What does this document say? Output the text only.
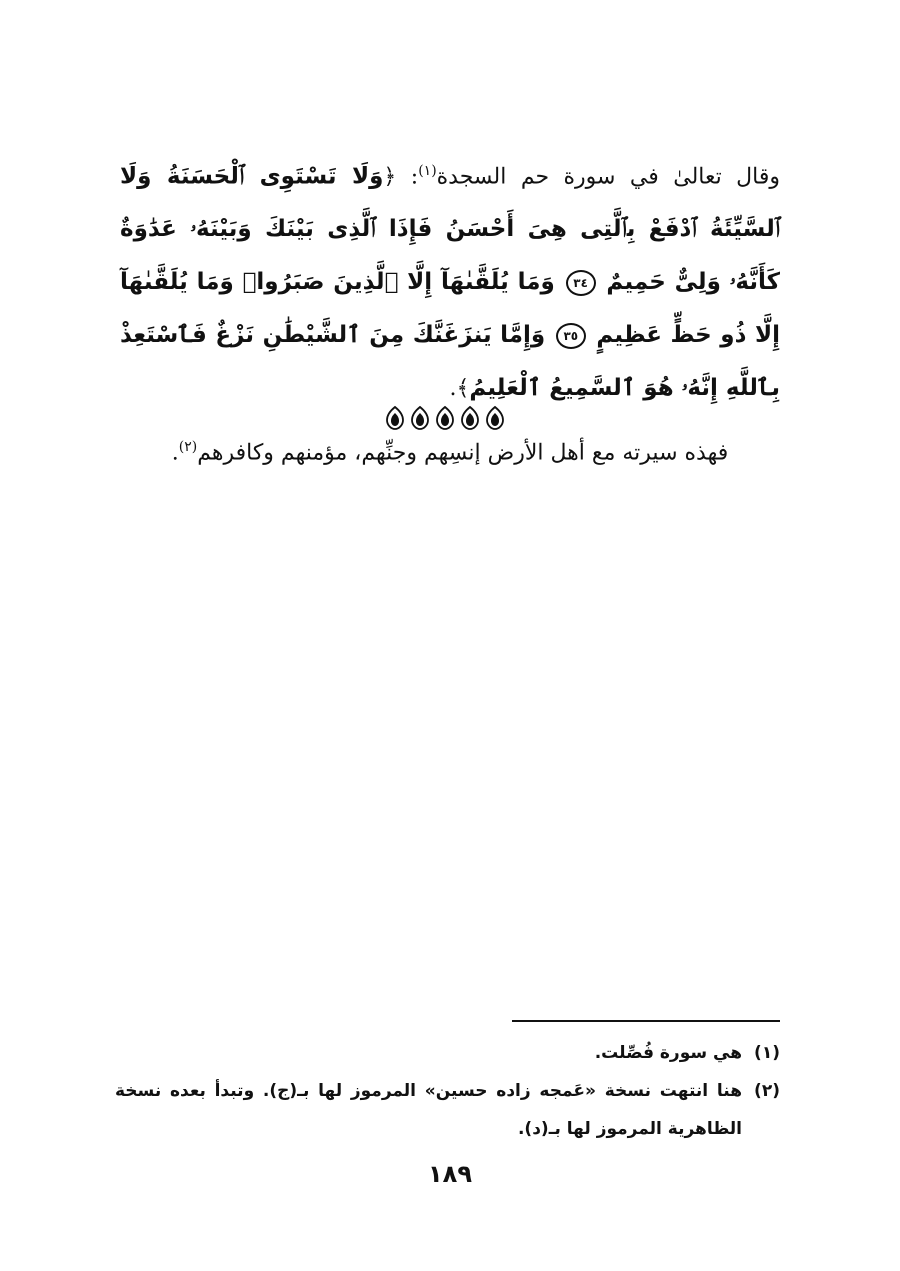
وقال تعالىٰ في سورة حم السجدة$^{(١)}$: ﴿وَلَا تَسْتَوِى ٱلْحَسَنَةُ وَلَا ٱلسَّيِّئَةُ ٱدْفَعْ بِٱلَّتِى هِىَ أَحْسَنُ فَإِذَا ٱلَّذِى بَيْنَكَ وَبَيْنَهُۥ عَدَٰوَةٌ كَأَنَّهُۥ وَلِىٌّ حَمِيمٌ ٣٤ وَمَا يُلَقَّىٰهَآ إِلَّا ٱلَّذِينَ صَبَرُوا۟ وَمَا يُلَقَّىٰهَآ إِلَّا ذُو حَظٍّ عَظِيمٍ ٣٥ وَإِمَّا يَنزَغَنَّكَ مِنَ ٱلشَّيْطَٰنِ نَزْغٌ فَٱسْتَعِذْ بِٱللَّهِ إِنَّهُۥ هُوَ ٱلسَّمِيعُ ٱلْعَلِيمُ﴾.

فهذه سيرته مع أهل الأرض إنسِهم وجنِّهم، مؤمنهم وكافرهم$^{(٢)}$.

(١)
هي سورة فُصِّلت.
(٢)
هنا انتهت نسخة «عَمجه زاده حسين» المرموز لها بـ(ج). وتبدأ بعده نسخة الظاهرية المرموز لها بـ(د).
١٨٩
